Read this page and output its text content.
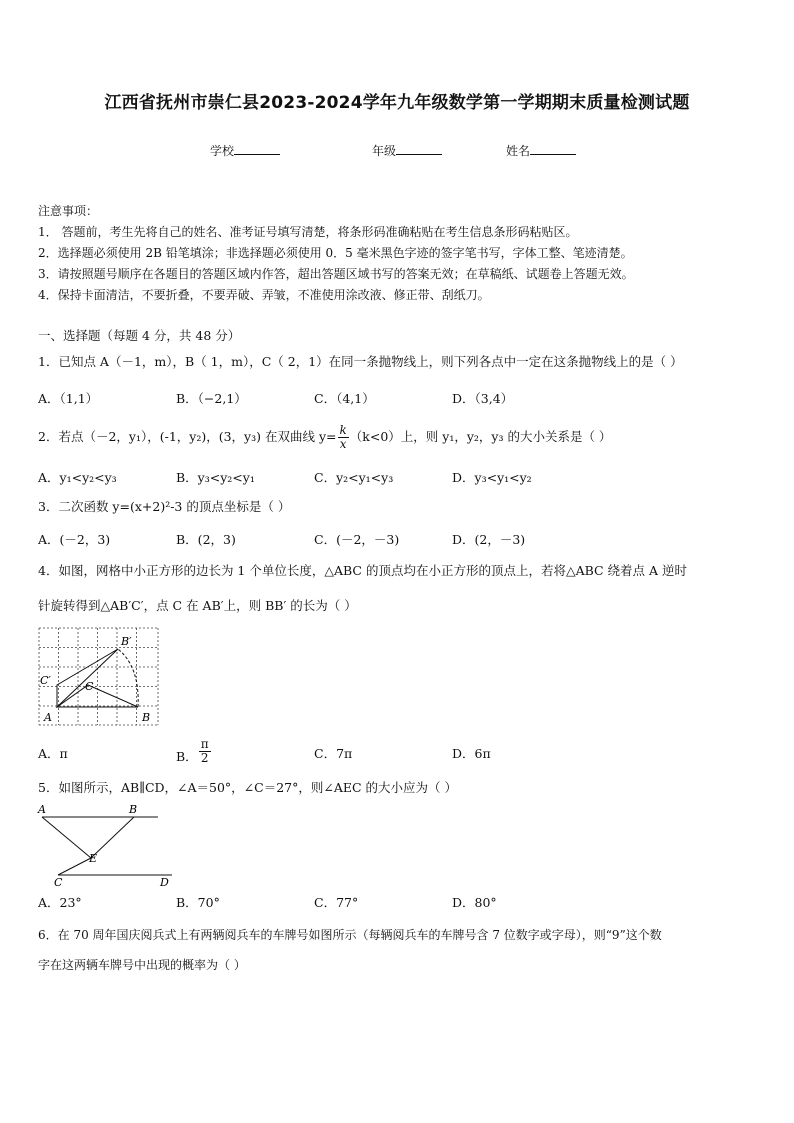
江西省抚州市崇仁县2023-2024学年九年级数学第一学期期末质量检测试题
学校	年级	姓名
注意事项：
1． 答题前，考生先将自己的姓名、准考证号填写清楚，将条形码准确粘贴在考生信息条形码粘贴区。
2．选择题必须使用 2B 铅笔填涂；非选择题必须使用 0．5 毫米黑色字迹的签字笔书写，字体工整、笔迹清楚。
3．请按照题号顺序在各题目的答题区域内作答，超出答题区域书写的答案无效；在草稿纸、试题卷上答题无效。
4．保持卡面清洁，不要折叠，不要弄破、弄皱，不准使用涂改液、修正带、刮纸刀。
一、选择题（每题 4 分，共 48 分）
1．已知点 A（－1，m），B（ 1，m），C（ 2，1）在同一条抛物线上，则下列各点中一定在这条抛物线上的是（ ）
A．（1,1）	B．（−2,1）	C．（4,1）	D．（3,4）
2．若点（－2，y₁），(-1，y₂)，(3，y₃) 在双曲线 $y= \frac{k}{x} (k<0)$上，则 y₁，y₂，y₃ 的大小关系是（ ）
A．y₁<y₂<y₃	B．y₃<y₂<y₁	C．y₂<y₁<y₃	D．y₃<y₁<y₂
3．二次函数 y=(x+2)²-3 的顶点坐标是（ ）
A．(－2，3)	B．(2，3)	C．(－2，－3)	D．(2，－3)
4．如图，网格中小正方形的边长为 1 个单位长度，△ABC 的顶点均在小正方形的顶点上，若将△ABC 绕着点 A 逆时
针旋转得到△AB′C′，点 C 在 AB′上，则 BB′ 的长为（ ）
B′
C′	C
A	B
A．π	B． $\frac{\pi}{2}$	C．7π	D．6π
5．如图所示，AB∥CD，∠A＝50°，∠C＝27°，则∠AEC 的大小应为（ ）
A	B
E
C	D
A．23°	B．70°	C．77°	D．80°
6．在 70 周年国庆阅兵式上有两辆阅兵车的车牌号如图所示（每辆阅兵车的车牌号含 7 位数字或字母），则“9”这个数
字在这两辆车牌号中出现的概率为（ ）
